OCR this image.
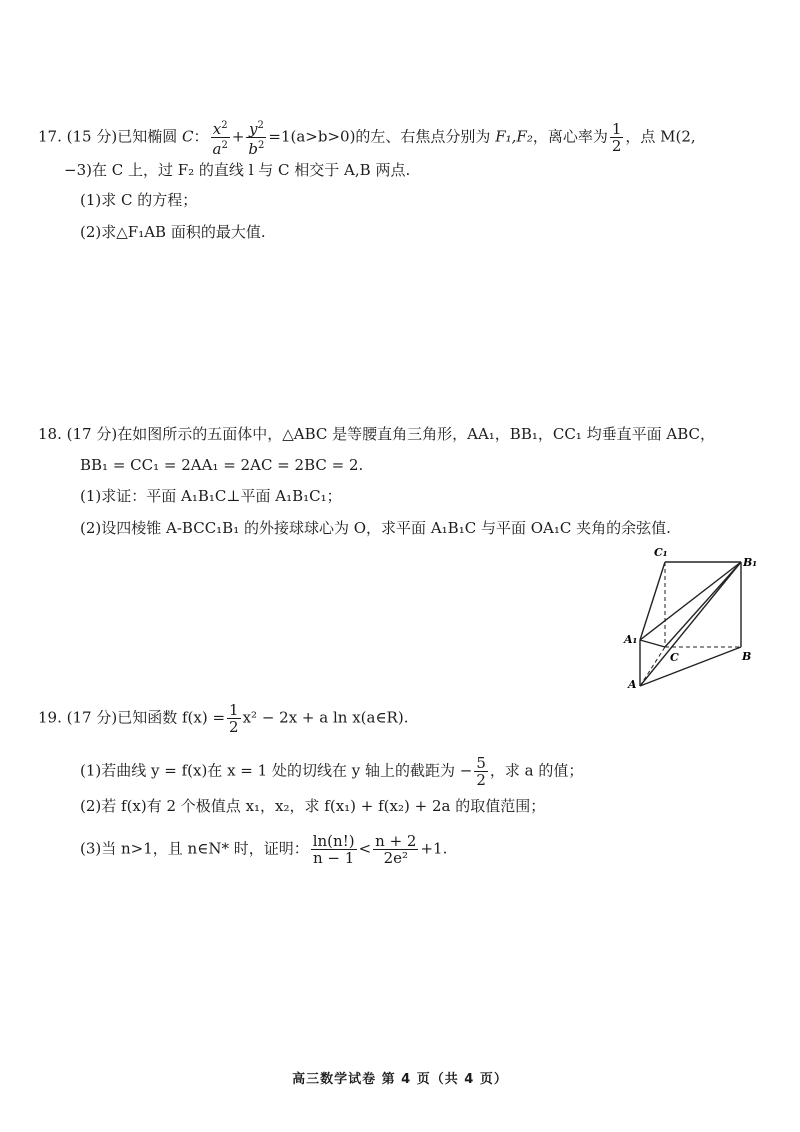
17. (15 分)已知椭圆 C： $\frac{x^2}{a^2} + \frac{y^2}{b^2} =1(a>b>0)$的左、右焦点分别为 F₁,F₂，离心率为 $\frac{1}{2}$ ，点 M(2,
−3)在 C 上，过 F₂ 的直线 l 与 C 相交于 A,B 两点.
(1)求 C 的方程；
(2)求△F₁AB 面积的最大值.
18. (17 分)在如图所示的五面体中，△ABC 是等腰直角三角形，AA₁，BB₁，CC₁ 均垂直平面 ABC，
BB₁ = CC₁ = 2AA₁ = 2AC = 2BC = 2.
(1)求证：平面 A₁B₁C⊥平面 A₁B₁C₁；
(2)设四棱锥 A-BCC₁B₁ 的外接球球心为 O，求平面 A₁B₁C 与平面 OA₁C 夹角的余弦值.
C₁
B₁
A₁
C	B
A
19. (17 分)已知函数 $f(x) = \frac{1}{2} x^2 - 2x + a$ ln x(a∈R).
(1)若曲线 y = f(x)在 x = 1 处的切线在 y 轴上的截距为 − $\frac{5}{2}$ ，求 a 的值；
(2)若 f(x)有 2 个极值点 x₁，x₂，求 f(x₁) + f(x₂) + 2a 的取值范围；
(3)当 n>1，且 n∈N* 时，证明： $\frac{\ln(n!)}{n - 1} < \frac{n + 2}{\text{2e²}} +1$.
高三数学试卷 第 4 页（共 4 页）
